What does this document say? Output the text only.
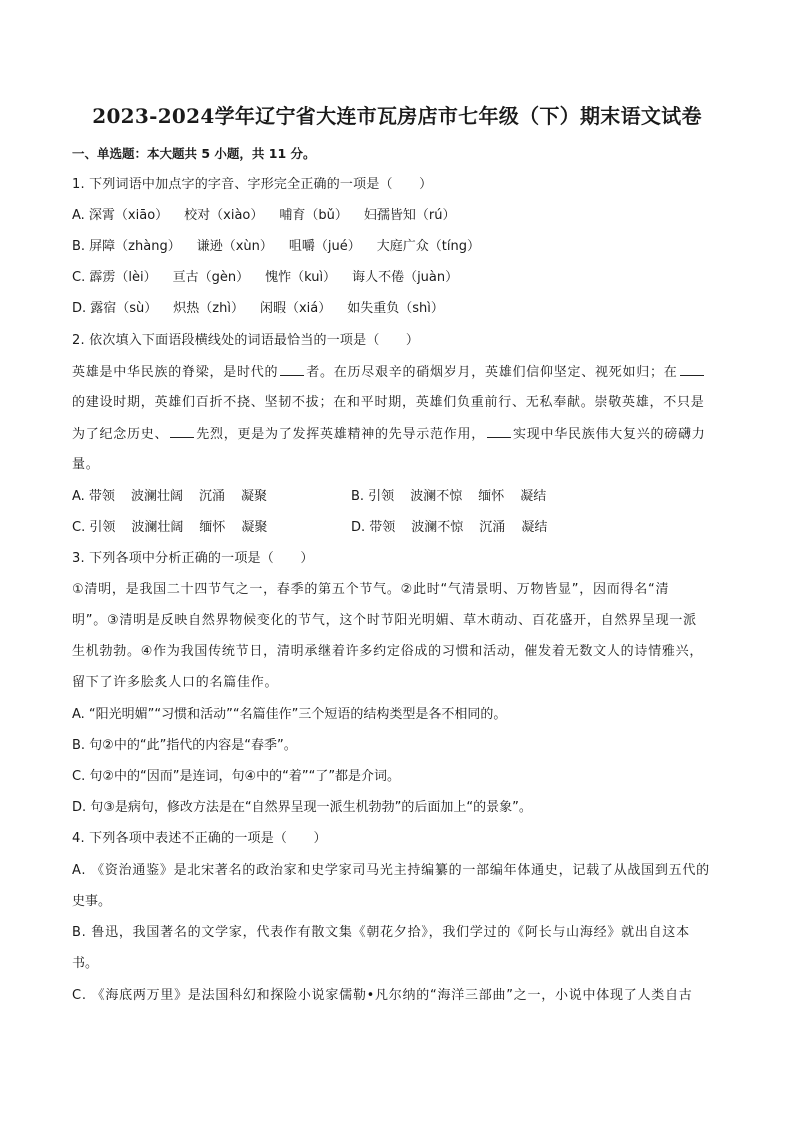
2023-2024学年辽宁省大连市瓦房店市七年级（下）期末语文试卷
一、单选题：本大题共 5 小题，共 11 分。
1. 下列词语中加点字的字音、字形完全正确的一项是（　　）
A. 深霄（xiāo） 校对（xiào） 哺育（bǔ） 妇孺皆知（rú）
B. 屏障（zhàng） 谦逊（xùn） 咀嚼（jué） 大庭广众（tíng）
C. 霹雳（lèi） 亘古（gèn） 愧怍（kuì） 诲人不倦（juàn）
D. 露宿（sù） 炽热（zhì） 闲暇（xiá） 如失重负（shì）
2. 依次填入下面语段横线处的词语最恰当的一项是（　　）
英雄是中华民族的脊梁，是时代的 者。在历尽艰辛的硝烟岁月，英雄们信仰坚定、视死如归；在
的建设时期，英雄们百折不挠、坚韧不拔；在和平时期，英雄们负重前行、无私奉献。崇敬英雄，不只是
为了纪念历史、 先烈，更是为了发挥英雄精神的先导示范作用， 实现中华民族伟大复兴的磅礴力
量。
A. 带领 波澜壮阔 沉涌 凝聚	B. 引领 波澜不惊 缅怀 凝结
C. 引领 波澜壮阔 缅怀 凝聚	D. 带领 波澜不惊 沉涌 凝结
3. 下列各项中分析正确的一项是（　　）
①清明，是我国二十四节气之一，春季的第五个节气。②此时“气清景明、万物皆显”，因而得名“清
明”。③清明是反映自然界物候变化的节气，这个时节阳光明媚、草木萌动、百花盛开，自然界呈现一派
生机勃勃。④作为我国传统节日，清明承继着许多约定俗成的习惯和活动，催发着无数文人的诗情雅兴，
留下了许多脍炙人口的名篇佳作。
A. “阳光明媚”“习惯和活动”“名篇佳作”三个短语的结构类型是各不相同的。
B. 句②中的“此”指代的内容是“春季”。
C. 句②中的“因而”是连词，句④中的“着”“了”都是介词。
D. 句③是病句，修改方法是在“自然界呈现一派生机勃勃”的后面加上“的景象”。
4. 下列各项中表述不正确的一项是（　　）
A. 《资治通鉴》是北宋著名的政治家和史学家司马光主持编纂的一部编年体通史，记载了从战国到五代的
史事。
B. 鲁迅，我国著名的文学家，代表作有散文集《朝花夕拾》，我们学过的《阿长与山海经》就出自这本
书。
C. 《海底两万里》是法国科幻和探险小说家儒勒•凡尔纳的“海洋三部曲”之一，小说中体现了人类自古
